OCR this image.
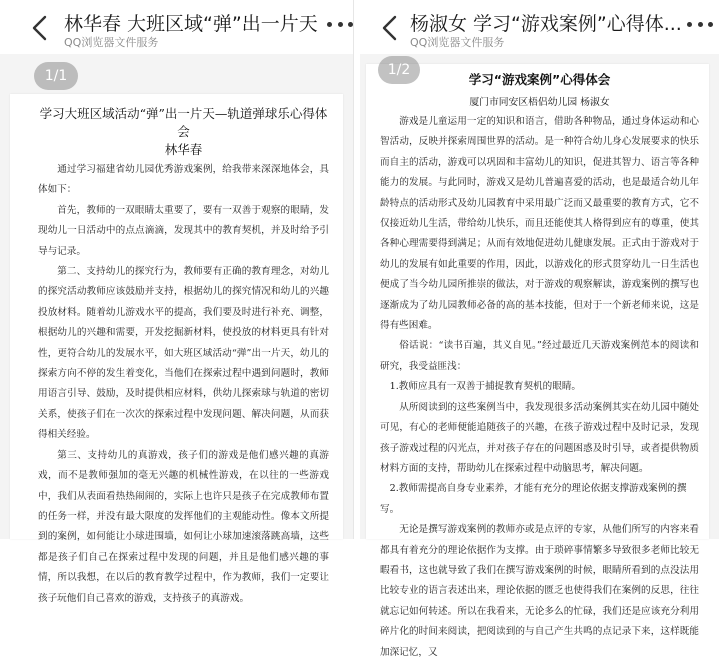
林华春 大班区域“弹”出一片天
QQ浏览器文件服务
1/1
学习大班区域活动“弹”出一片天—轨道弹球乐心得体会
林华春

通过学习福建省幼儿园优秀游戏案例，给我带来深深地体会，具体如下：

首先，教师的一双眼睛太重要了，要有一双善于观察的眼睛，发现幼儿一日活动中的点点滴滴，发现其中的教育契机，并及时给予引导与记录。

第二、支持幼儿的探究行为，教师要有正确的教育理念，对幼儿的探究活动教师应该鼓励并支持，根据幼儿的探究情况和幼儿的兴趣投放材料。随着幼儿游戏水平的提高，我们要及时进行补充、调整，根据幼儿的兴趣和需要，开发挖掘新材料，使投放的材料更具有针对性，更符合幼儿的发展水平，如大班区域活动“弹”出一片天，幼儿的探索方向不停的发生着变化，当他们在探索过程中遇到问题时，教师用语言引导、鼓励，及时提供相应材料，供幼儿探索球与轨道的密切关系，使孩子们在一次次的探索过程中发现问题、解决问题，从而获得相关经验。

第三、支持幼儿的真游戏，孩子们的游戏是他们感兴趣的真游戏，而不是教师强加的毫无兴趣的机械性游戏，在以往的一些游戏中，我们从表面看热热闹闹的，实际上也许只是孩子在完成教师布置的任务一样，并没有最大限度的发挥他们的主观能动性。像本文所提到的案例，如何能让小球进围墙，如何让小球加速滚落跳高墙，这些都是孩子们自己在探索过程中发现的问题，并且是他们感兴趣的事情，所以我想，在以后的教育教学过程中，作为教师，我们一定要让孩子玩他们自己喜欢的游戏，支持孩子的真游戏。

杨淑女 学习“游戏案例”心得体...
QQ浏览器文件服务
1/2
学习“游戏案例”心得体会
厦门市同安区梧侣幼儿园 杨淑女

游戏是儿童运用一定的知识和语言，借助各种物品，通过身体运动和心智活动，反映并探索周围世界的活动。是一种符合幼儿身心发展要求的快乐而自主的活动，游戏可以巩固和丰富幼儿的知识，促进其智力、语言等各种能力的发展。与此同时，游戏又是幼儿普遍喜爱的活动，也是最适合幼儿年龄特点的活动形式及幼儿园教育中采用最广泛而又最重要的教育方式，它不仅接近幼儿生活，带给幼儿快乐，而且还能使其人格得到应有的尊重，使其各种心理需要得到满足；从而有效地促进幼儿健康发展。正式由于游戏对于幼儿的发展有如此重要的作用，因此，以游戏化的形式贯穿幼儿一日生活也便成了当今幼儿园所推崇的做法，对于游戏的观察解读，游戏案例的撰写也逐渐成为了幼儿园教师必备的高的基本技能，但对于一个新老师来说，这是得有些困难。

俗话说：“读书百遍，其义自见。”经过最近几天游戏案例范本的阅读和研究，我受益匪浅：

1.教师应具有一双善于捕捉教育契机的眼睛。

从所阅读到的这些案例当中，我发现很多活动案例其实在幼儿园中随处可见，有心的老师便能追随孩子的兴趣，在孩子游戏过程中及时记录，发现孩子游戏过程的闪光点，并对孩子存在的问题困惑及时引导，或者提供物质材料方面的支持，帮助幼儿在探索过程中动脑思考，解决问题。

2.教师需提高自身专业素养，才能有充分的理论依据支撑游戏案例的撰写。

无论是撰写游戏案例的教师亦或是点评的专家，从他们所写的内容来看都具有着充分的理论依据作为支撑。由于琐碎事情繁多导致很多老师比较无暇看书，这也就导致了我们在撰写游戏案例的时候，眼睛所看到的点没法用比较专业的语言表述出来，理论依据的匮乏也使得我们在案例的反思，往往就忘记如何转述。所以在我看来，无论多么的忙碌，我们还是应该充分利用碎片化的时间来阅读，把阅读到的与自己产生共鸣的点记录下来，这样既能加深记忆，又
